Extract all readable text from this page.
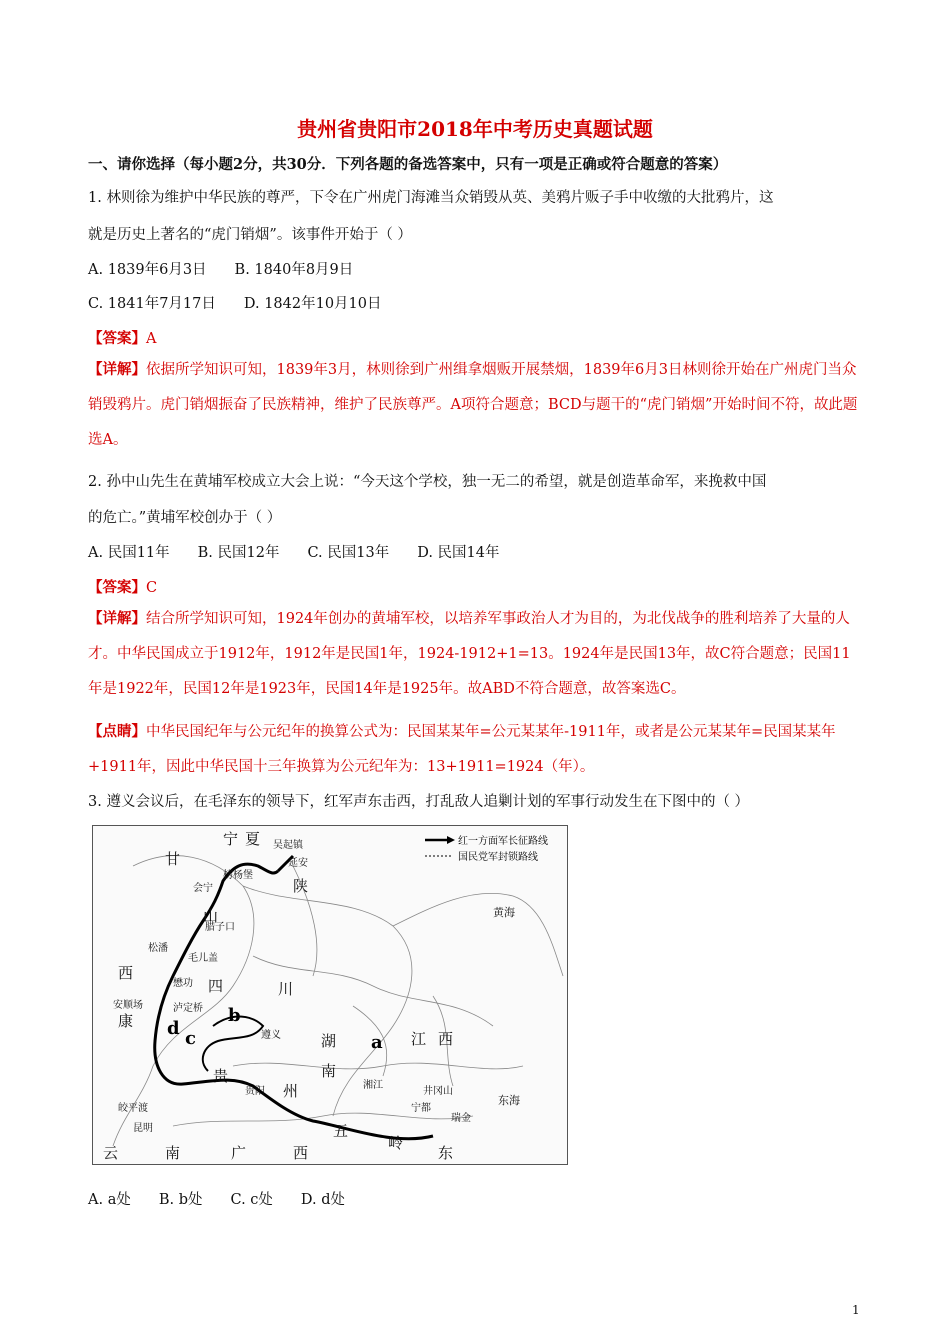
贵州省贵阳市2018年中考历史真题试题
一、请你选择（每小题2分，共30分．下列各题的备选答案中，只有一项是正确或符合题意的答案）
1. 林则徐为维护中华民族的尊严，下令在广州虎门海滩当众销毁从英、美鸦片贩子手中收缴的大批鸦片，这
就是历史上著名的“虎门销烟”。该事件开始于（ ）
A. 1839年6月3日 B. 1840年8月9日
C. 1841年7月17日 D. 1842年10月10日
【答案】A
【详解】依据所学知识可知，1839年3月，林则徐到广州缉拿烟贩开展禁烟，1839年6月3日林则徐开始在广州虎门当众销毁鸦片。虎门销烟振奋了民族精神，维护了民族尊严。A项符合题意；BCD与题干的“虎门销烟”开始时间不符，故此题选A。
2. 孙中山先生在黄埔军校成立大会上说：“今天这个学校，独一无二的希望，就是创造革命军，来挽救中国
的危亡。”黄埔军校创办于（ ）
A. 民国11年 B. 民国12年 C. 民国13年 D. 民国14年
【答案】C
【详解】结合所学知识可知，1924年创办的黄埔军校，以培养军事政治人才为目的，为北伐战争的胜利培养了大量的人才。中华民国成立于1912年，1912年是民国1年，1924-1912+1=13。1924年是民国13年，故C符合题意；民国11年是1922年，民国12年是1923年，民国14年是1925年。故ABD不符合题意，故答案选C。
【点睛】中华民国纪年与公元纪年的换算公式为：民国某某年=公元某某年-1911年，或者是公元某某年=民国某某年+1911年，因此中华民国十三年换算为公元纪年为：13+1911=1924（年）。
3. 遵义会议后，在毛泽东的领导下，红军声东击西，打乱敌人追剿计划的军事行动发生在下图中的（ ）
红一方面军长征路线
国民党军封锁路线
吴起镇
延安
榜杨堡
会宁
腊子口
松潘
毛儿盖
懋功
泸定桥
安顺场
遵义
贵阳
皎平渡
昆明
井冈山
瑞金
宁都
湘江
宁 夏
甘
陕
西
山
康
四	川
湖
南
江 西
贵
州
云	南	广	西
五
岭
东
东海
黄海
a
b
c
d
A. a处 B. b处 C. c处 D. d处
1
